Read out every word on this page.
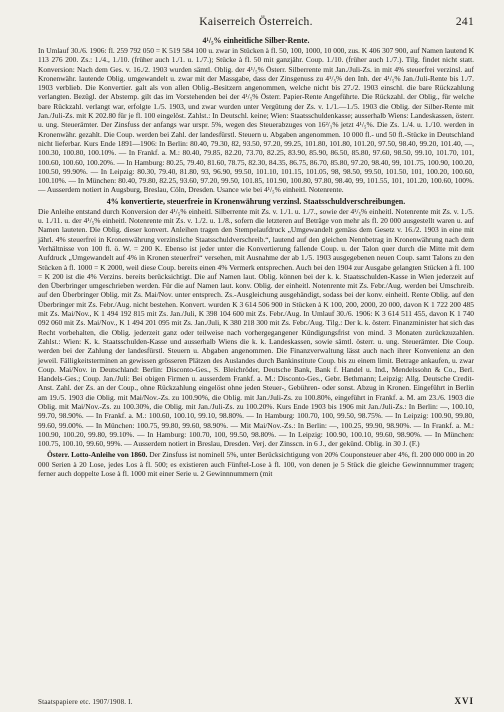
Kaiserreich Österreich.	241
4¹/₅% einheitliche Silber-Rente.

In Umlauf 30./6. 1906: fl. 259 792 050 = K 519 584 100 u. zwar in Stücken à fl. 50, 100, 1000, 10 000, zus. K 406 307 900, auf Namen lautend K 113 276 200. Zs.: 1./4., 1./10. (früher auch 1./1. u. 1./7.); Stücke à fl. 50 mit ganzjähr. Coup. 1./10. (früher auch 1./7.). Tilg. findet nicht statt. Konversion: Nach dem Ges. v. 16./2. 1903 wurden sämtl. Oblig. der 4¹/₅% Österr. Silberrente mit Jan./Juli-Zs. in mit 4% steuerfrei verzinsl. auf Kronenwähr. lautende Oblig. umgewandelt u. zwar mit der Massgabe, dass der Zinsgenuss zu 4¹/₅% den Inh. der 4¹/₅% Jan./Juli-Rente bis 1./7. 1903 verblieb. Die Konvertier. galt als von allen Oblig.-Besitzern angenommen, welche nicht bis 27./2. 1903 einschl. die bare Rückzahlung verlangten. Bezügl. der Abstemp. gilt das im Vorstehenden bei der 4¹/₅% Österr. Papier-Rente Angeführte. Die Rückzahl. der Oblig., für welche bare Rückzahl. verlangt war, erfolgte 1./5. 1903, und zwar wurden unter Vergütung der Zs. v. 1./1.—1./5. 1903 die Oblig. der Silber-Rente mit Jan./Juli-Zs. mit K 202.80 für je fl. 100 eingelöst. Zahlst.: In Deutschl. keine; Wien: Staatsschuldenkasse; ausserhalb Wiens: Landeskassen, österr. u. ung. Steuerämter. Der Zinsfuss der anfangs war urspr. 5%, wegen des Steuerabzuges von 16²/₃% jetzt 4¹/₅%. Die Zs. 1./4. u. 1./10. werden in Kronenwähr. gezahlt. Die Coup. werden bei Zahl. der landesfürstl. Steuern u. Abgaben angenommen. 10 000 fl.- und 50 fl.-Stücke in Deutschland nicht lieferbar. Kurs Ende 1891—1906: In Berlin: 80.40, 79.30, 82, 93.50, 97.20, 99.25, 101.80, 101.80, 101.20, 97.50, 98.40, 99.20, 101.40, —, 100.30, 100.80, 100.10%. — In Frankf. a. M.: 80.40, 79.85, 82.20, 73.70, 82.25, 83.90, 85.90, 86.50, 85.80, 97.60, 98.50, 99.10, 101.70, 101, 100.60, 100.60, 100.20%. — In Hamburg: 80.25, 79.40, 81.60, 78.75, 82.30, 84.35, 86.75, 86.70, 85.80, 97.20, 98.40, 99, 101.75, 100.90, 100.20, 100.50, 99.90%. — In Leipzig: 80.30, 79.40, 81.80, 93, 96.90, 99.50, 101.10, 101.15, 101.05, 98, 98.50, 99.50, 101.50, 101, 100.20, 100.60, 100.10%. — In München: 80.40, 79.80, 82.25, 93.60, 97.20, 99.50, 101.85, 101.90, 100.80, 97.80, 98.40, 99, 101.55, 101, 101.20, 100.60, 100%. — Ausserdem notiert in Augsburg, Breslau, Cöln, Dresden. Usance wie bei 4¹/₅% einheitl. Notenrente.

4% konvertierte, steuerfreie in Kronenwährung verzinsl. Staatsschuldverschreibungen.

Die Anleihe entstand durch Konversion der 4¹/₅% einheitl. Silberrente mit Zs. v. 1./1. u. 1./7., sowie der 4¹/₅% einheitl. Notenrente mit Zs. v. 1./5. u. 1./11. u. der 4¹/₅% einheitl. Notenrente mit Zs. v. 1./2. u. 1./8., sofern die letzteren auf Beträge von mehr als fl. 20 000 ausgestellt waren u. auf Namen lauteten. Die Oblig. dieser konvert. Anleihen tragen den Stempelaufdruck „Umgewandelt gemäss dem Gesetz v. 16./2. 1903 in eine mit jährl. 4% steuerfrei in Kronenwährung verzinsliche Staatsschuldverschreib.“, lautend auf den gleichen Nennbetrag in Kronenwährung nach dem Verhältnisse von 100 fl. ö. W. = 200 K. Ebenso ist jeder unter die Konvertierung fallende Coup. u. der Talon quer durch die Mitte mit dem Aufdruck „Umgewandelt auf 4% in Kronen steuerfrei“ versehen, mit Ausnahme der ab 1./5. 1903 ausgegebenen neuen Coup. samt Talons zu den Stücken à fl. 1000 = K 2000, weil diese Coup. bereits einen 4% Vermerk entsprechen. Auch bei den 1904 zur Ausgabe gelangten Stücken à fl. 100 = K 200 ist die 4% Verzins. bereits berücksichtigt. Die auf Namen laut. Oblig. können bei der k. k. Staatsschulden-Kasse in Wien jederzeit auf den Überbringer umgeschrieben werden. Für die auf Namen laut. konv. Oblig. der einheitl. Notenrente mit Zs. Febr./Aug. werden bei Umschreib. auf den Überbringer Oblig. mit Zs. Mai/Nov. unter entsprech. Zs.-Ausgleichung ausgehändigt, sodass bei der konv. einheitl. Rente Oblig. auf den Überbringer mit Zs. Febr./Aug. nicht bestehen. Konvert. wurden K 3 614 506 900 in Stücken à K 100, 200, 2000, 20 000, davon K 1 722 200 485 mit Zs. Mai/Nov., K 1 494 192 815 mit Zs. Jan./Juli, K 398 104 600 mit Zs. Febr./Aug. In Umlauf 30./6. 1906: K 3 614 511 455, davon K 1 740 092 060 mit Zs. Mai/Nov., K 1 494 201 095 mit Zs. Jan./Juli, K 380 218 300 mit Zs. Febr./Aug. Tilg.: Der k. k. österr. Finanzminister hat sich das Recht vorbehalten, die Oblig. jederzeit ganz oder teilweise nach vorhergegangener Kündigungsfrist von mind. 3 Monaten zurückzuzahlen. Zahlst.: Wien: K. k. Staatsschulden-Kasse und ausserhalb Wiens die k. k. Landeskassen, sowie sämtl. österr. u. ung. Steuerämter. Die Coup. werden bei der Zahlung der landesfürstl. Steuern u. Abgaben angenommen. Die Finanzverwaltung lässt auch nach ihrer Konvenienz an den jeweil. Fälligkeitsterminen an gewissen grösseren Plätzen des Auslandes durch Bankinstitute Coup. bis zu einem limit. Betrage ankaufen, u. zwar Coup. Mai/Nov. in Deutschland: Berlin: Disconto-Ges., S. Bleichröder, Deutsche Bank, Bank f. Handel u. Ind., Mendelssohn & Co., Berl. Handels-Ges.; Coup. Jan./Juli: Bei obigen Firmen u. ausserdem Frankf. a. M.: Disconto-Ges., Gebr. Bethmann; Leipzig: Allg. Deutsche Credit-Anst. Zahl. der Zs. an der Coup., ohne Rückzahlung eingelöst ohne jeden Steuer-, Gebühren- oder sonst. Abzug in Kronen. Eingeführt in Berlin am 19./5. 1903 die Oblig. mit Mai/Nov.-Zs. zu 100.90%, die Oblig. mit Jan./Juli-Zs. zu 100.80%, eingeführt in Frankf. a. M. am 23./6. 1903 die Oblig. mit Mai/Nov.-Zs. zu 100.30%, die Oblig. mit Jan./Juli-Zs. zu 100.20%. Kurs Ende 1903 bis 1906 mit Jan./Juli-Zs.: In Berlin: —, 100.10, 99.70, 98.90%. — In Frankf. a. M.: 100.60, 100.10, 99.10, 98.80%. — In Hamburg: 100.70, 100, 99.50, 98.75%. — In Leipzig: 100.90, 99.80, 99.60, 99.00%. — In München: 100.75, 99.80, 99.60, 98.90%. — Mit Mai/Nov.-Zs.: In Berlin: —, 100.25, 99.90, 98.90%. — In Frankf. a. M.: 100.90, 100.20, 99.80, 99.10%. — In Hamburg: 100.70, 100, 99.50, 98.80%. — In Leipzig: 100.90, 100.10, 99.60, 98.90%. — In München: 100.75, 100.10, 99.60, 99%. — Ausserdem notiert in Breslau, Dresden. Verj. der Zinsscn. in 6 J., der gekünd. Oblig. in 30 J. (F.)

Österr. Lotto-Anleihe von 1860. Der Zinsfuss ist nominell 5%, unter Berücksichtigung von 20% Couponsteuer aber 4%, fl. 200 000 000 in 20 000 Serien à 20 Lose, jedes Los à fl. 500; es existieren auch Fünftel-Lose à fl. 100, von denen je 5 Stück die gleiche Gewinnnummer tragen; ferner auch doppelte Lose à fl. 1000 mit einer Serie u. 2 Gewinnnummern (mit

Staatspapiere etc. 1907/1908. I.	XVI
